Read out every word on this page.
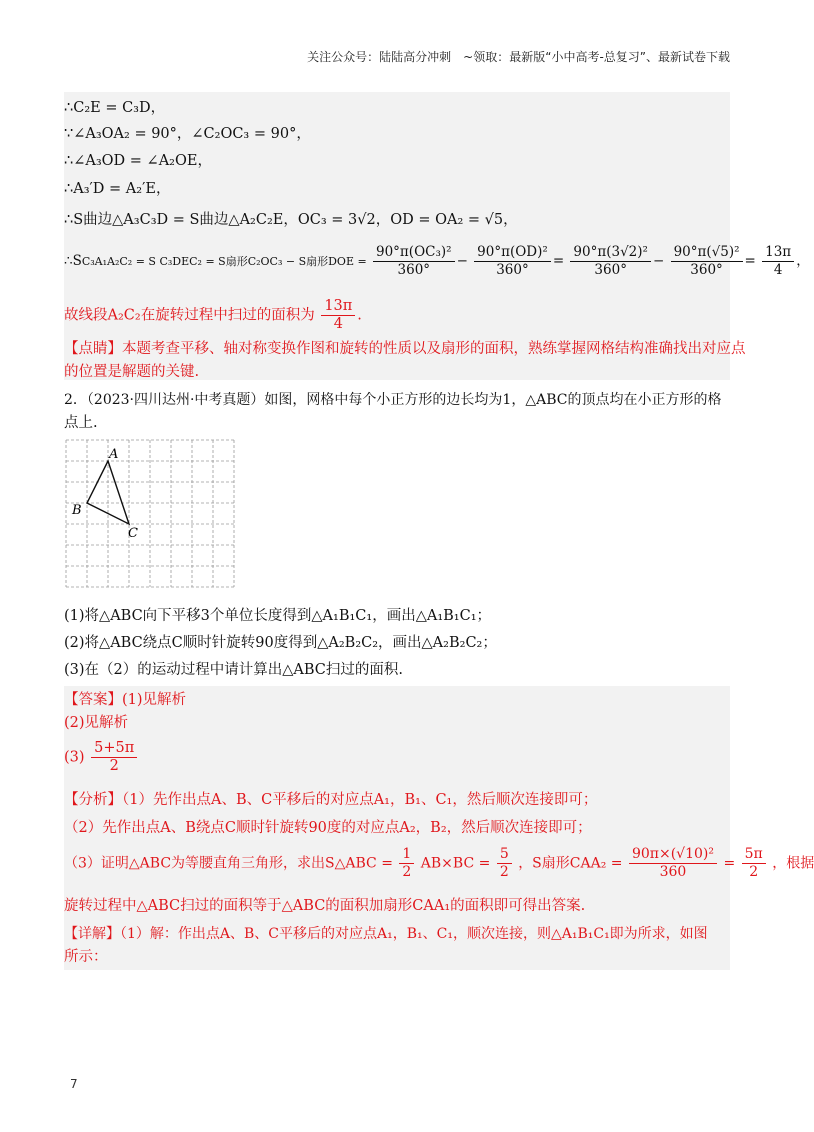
关注公众号：陆陆高分冲刺　~领取：最新版“小中高考-总复习”、最新试卷下载
∴C₂E = C₃D，
∵∠A₃OA₂ = 90°，∠C₂OC₃ = 90°，
∴∠A₃OD = ∠A₂OE，
∴A₃′D = A₂′E，
∴S曲边△A₃C₃D = S曲边△A₂C₂E，OC₃ = 3√2，OD = OA₂ = √5，
∴SC₃A₁A₂C₂ = S C₃DEC₂ = S扇形C₂OC₃ − S扇形DOE = $\frac{\text{90°π(OC₃)²}}{360^\circ} - \frac{\text{90°π(OD)²}}{360^\circ} = \frac{\text{90°π(3√2)²}}{360^\circ} - \frac{\text{90°π(√5)²}}{360^\circ} = \frac{13\pi}{4}$ ，
故线段A₂C₂在旋转过程中扫过的面积为 $\frac{13\pi}{4}$ .
【点睛】本题考查平移、轴对称变换作图和旋转的性质以及扇形的面积，熟练掌握网格结构准确找出对应点
的位置是解题的关键.
2．（2023·四川达州·中考真题）如图，网格中每个小正方形的边长均为1，△ABC的顶点均在小正方形的格
点上.
A
B
C
(1)将△ABC向下平移3个单位长度得到△A₁B₁C₁，画出△A₁B₁C₁；
(2)将△ABC绕点C顺时针旋转90度得到△A₂B₂C₂，画出△A₂B₂C₂；
(3)在（2）的运动过程中请计算出△ABC扫过的面积.
【答案】(1)见解析
(2)见解析
$(3) \frac{5+5\pi}{2}$
【分析】（1）先作出点A、B、C平移后的对应点A₁，B₁、C₁，然后顺次连接即可；
（2）先作出点A、B绕点C顺时针旋转90度的对应点A₂，B₂，然后顺次连接即可；
（3）证明△ABC为等腰直角三角形，求出S△ABC = $\frac{1}{2} AB\times BC = \frac{5}{2}$ ，S扇形$CAA_2 = \frac{\text{90π×(√10)²}}{360} = \frac{5\pi}{2}$ ，根据
旋转过程中△ABC扫过的面积等于△ABC的面积加扇形CAA₁的面积即可得出答案.
【详解】（1）解：作出点A、B、C平移后的对应点A₁，B₁、C₁，顺次连接，则△A₁B₁C₁即为所求，如图
所示：
7
